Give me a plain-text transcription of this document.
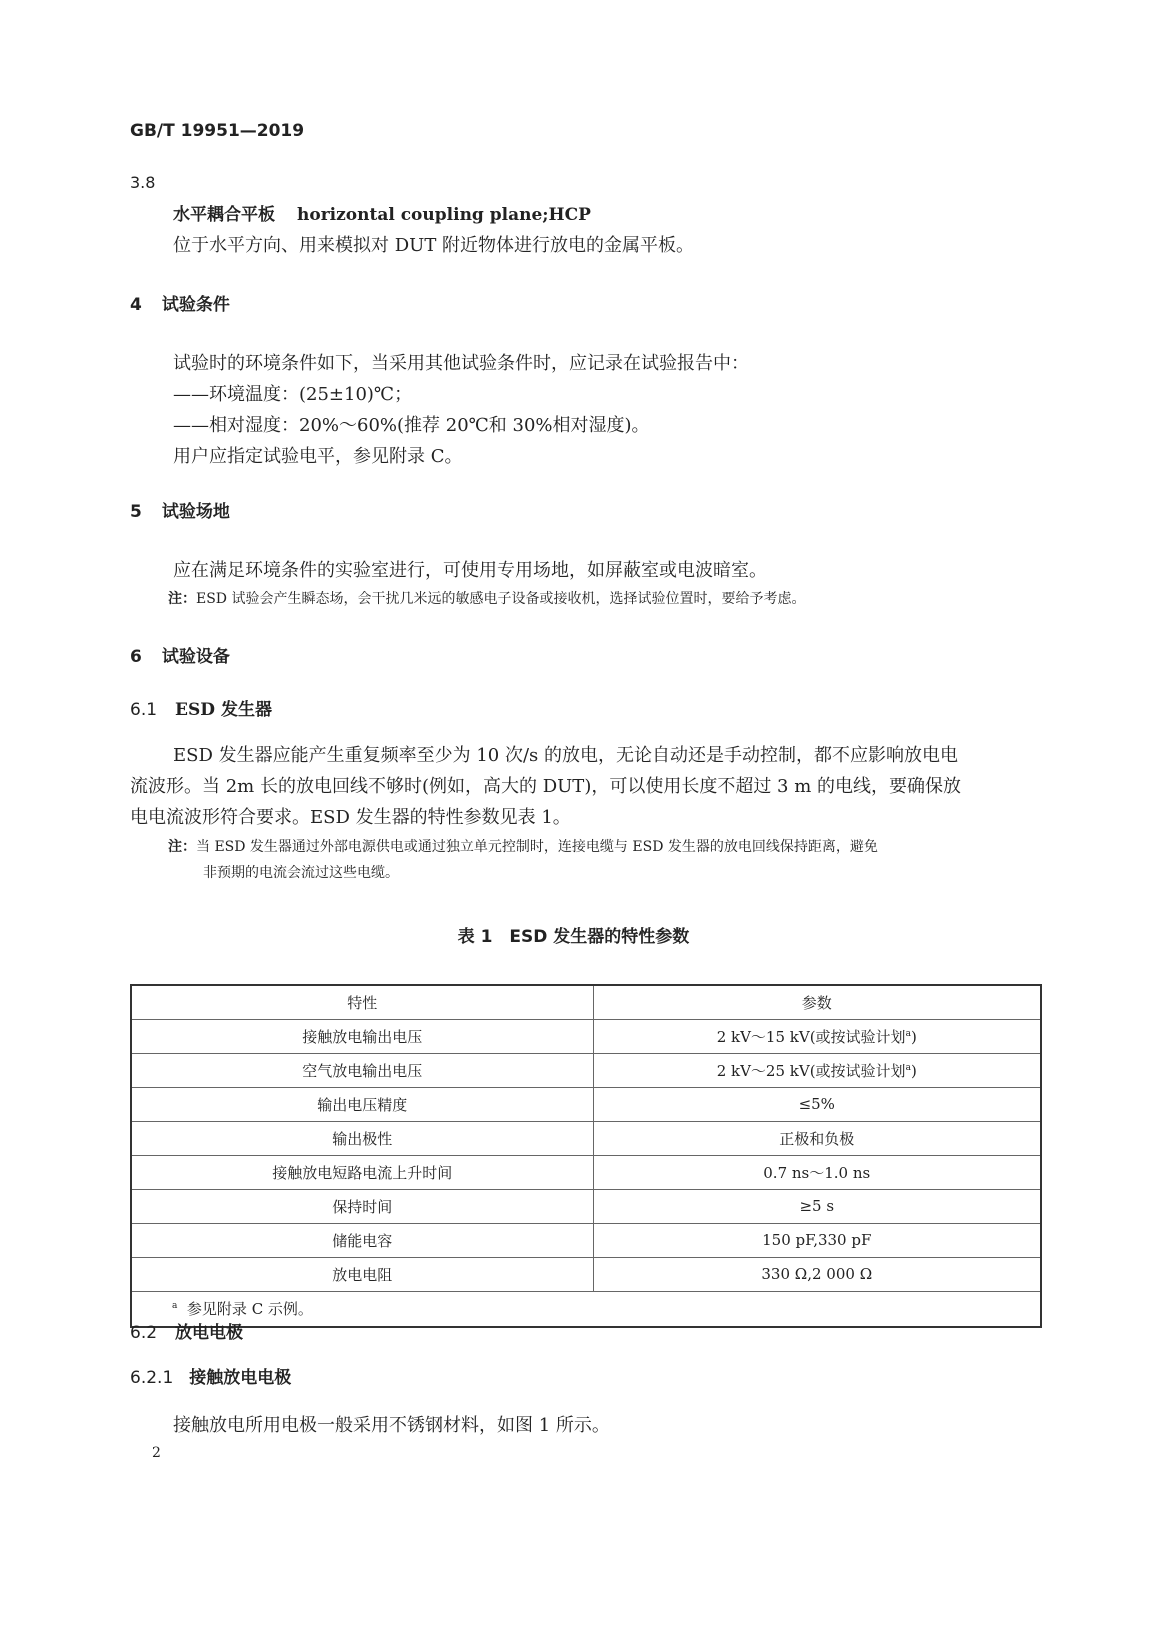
GB/T 19951—2019
3.8
水平耦合平板 horizontal coupling plane;HCP
位于水平方向、用来模拟对 DUT 附近物体进行放电的金属平板。
4 试验条件
试验时的环境条件如下，当采用其他试验条件时，应记录在试验报告中：
——环境温度：(25±10)℃；
——相对湿度：20%～60%(推荐 20℃和 30%相对湿度)。
用户应指定试验电平，参见附录 C。
5 试验场地
应在满足环境条件的实验室进行，可使用专用场地，如屏蔽室或电波暗室。
注：ESD 试验会产生瞬态场，会干扰几米远的敏感电子设备或接收机，选择试验位置时，要给予考虑。
6 试验设备
6.1 ESD 发生器
ESD 发生器应能产生重复频率至少为 10 次/s 的放电，无论自动还是手动控制，都不应影响放电电
流波形。当 2m 长的放电回线不够时(例如，高大的 DUT)，可以使用长度不超过 3 m 的电线，要确保放
电电流波形符合要求。ESD 发生器的特性参数见表 1。
注：当 ESD 发生器通过外部电源供电或通过独立单元控制时，连接电缆与 ESD 发生器的放电回线保持距离，避免
非预期的电流会流过这些电缆。
表 1　ESD 发生器的特性参数
特性	参数
接触放电输出电压	2 kV～15 kV(或按试验计划$^a$)
空气放电输出电压	2 kV～25 kV(或按试验计划$^a$)
输出电压精度	≤5%
输出极性	正极和负极
接触放电短路电流上升时间	0.7 ns～1.0 ns
保持时间	≥5 s
储能电容	150 pF,330 pF
放电电阻	330 Ω,2 000 Ω
$^a$ 参见附录 C 示例。	
6.2 放电电极
6.2.1 接触放电电极
接触放电所用电极一般采用不锈钢材料，如图 1 所示。
2
